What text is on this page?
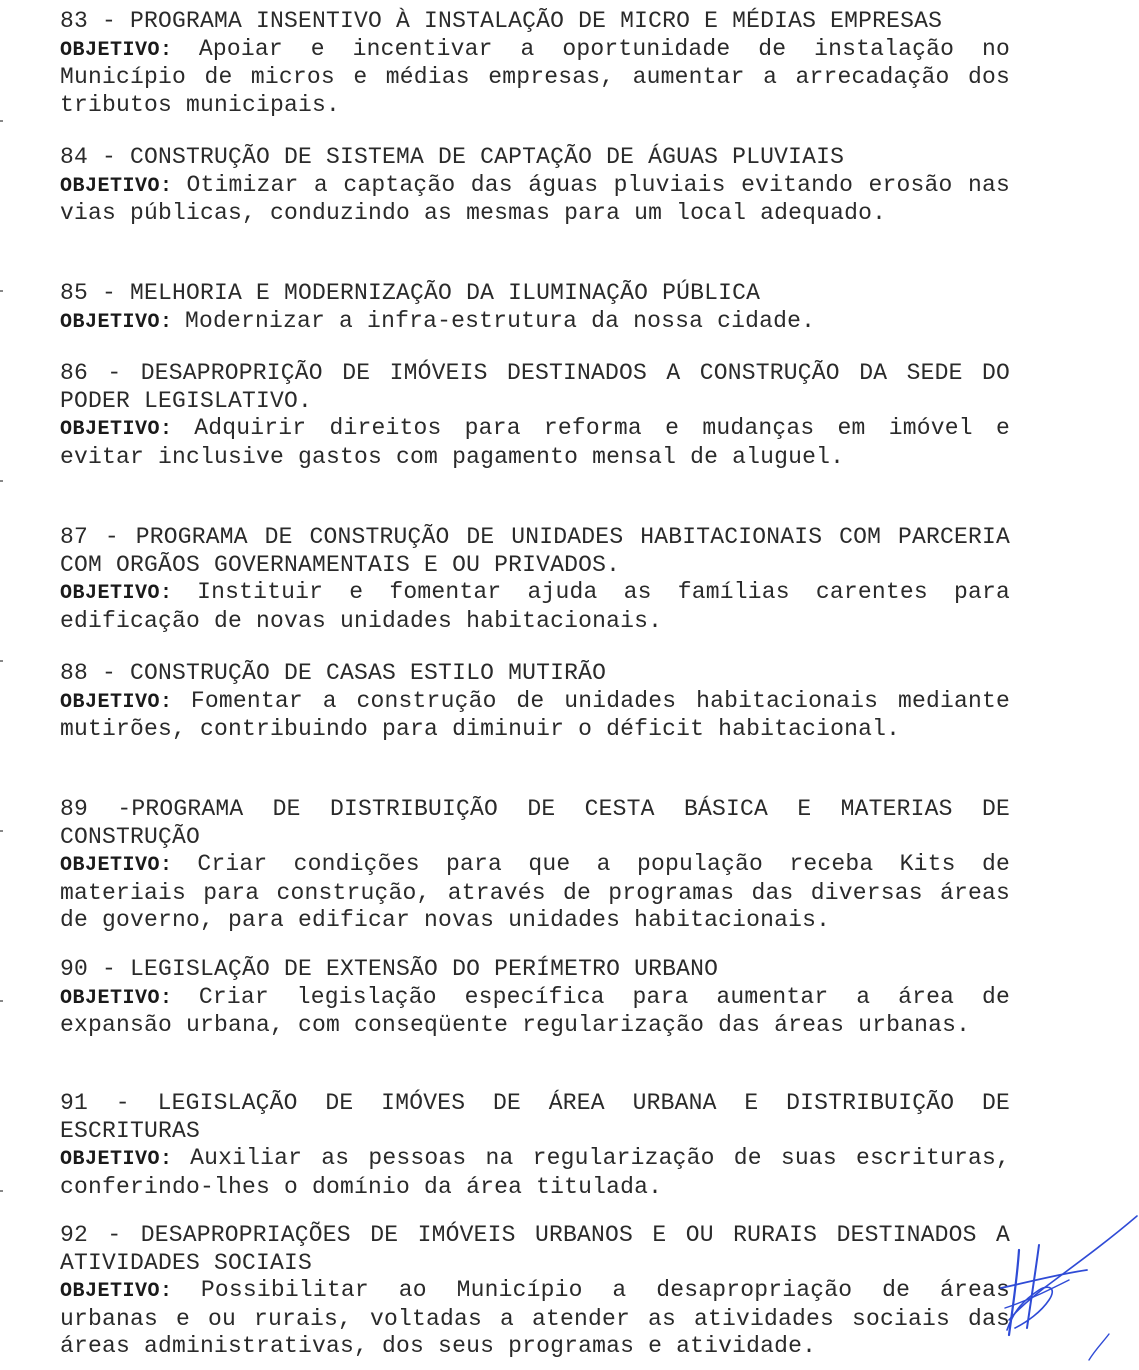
83 - PROGRAMA INSENTIVO À INSTALAÇÃO DE MICRO E MÉDIAS EMPRESAS
OBJETIVO: Apoiar e incentivar a oportunidade de instalação no Município de micros e médias empresas, aumentar a arrecadação dos tributos municipais.
84 - CONSTRUÇÃO DE SISTEMA DE CAPTAÇÃO DE ÁGUAS PLUVIAIS
OBJETIVO: Otimizar a captação das águas pluviais evitando erosão nas vias públicas, conduzindo as mesmas para um local adequado.
85 - MELHORIA E MODERNIZAÇÃO DA ILUMINAÇÃO PÚBLICA
OBJETIVO: Modernizar a infra-estrutura da nossa cidade.
86 - DESAPROPRIÇÃO DE IMÓVEIS DESTINADOS A CONSTRUÇÃO DA SEDE DO PODER LEGISLATIVO.
OBJETIVO: Adquirir direitos para reforma e mudanças em imóvel e evitar inclusive gastos com pagamento mensal de aluguel.
87 - PROGRAMA DE CONSTRUÇÃO DE UNIDADES HABITACIONAIS COM PARCERIA COM ORGÃOS GOVERNAMENTAIS E OU PRIVADOS.
OBJETIVO: Instituir e fomentar ajuda as famílias carentes para edificação de novas unidades habitacionais.
88 - CONSTRUÇÃO DE CASAS ESTILO MUTIRÃO
OBJETIVO: Fomentar a construção de unidades habitacionais mediante mutirões, contribuindo para diminuir o déficit habitacional.
89 -PROGRAMA DE DISTRIBUIÇÃO DE CESTA BÁSICA E MATERIAS DE CONSTRUÇÃO
OBJETIVO: Criar condições para que a população receba Kits de materiais para construção, através de programas das diversas áreas de governo, para edificar novas unidades habitacionais.
90 - LEGISLAÇÃO DE EXTENSÃO DO PERÍMETRO URBANO
OBJETIVO: Criar legislação específica para aumentar a área de expansão urbana, com conseqüente regularização das áreas urbanas.
91 - LEGISLAÇÃO DE IMÓVES DE ÁREA URBANA E DISTRIBUIÇÃO DE ESCRITURAS
OBJETIVO: Auxiliar as pessoas na regularização de suas escrituras, conferindo-lhes o domínio da área titulada.
92 - DESAPROPRIAÇÕES DE IMÓVEIS URBANOS E OU RURAIS DESTINADOS A ATIVIDADES SOCIAIS
OBJETIVO: Possibilitar ao Município a desapropriação de áreas urbanas e ou rurais, voltadas a atender as atividades sociais das áreas administrativas, dos seus programas e atividade.
